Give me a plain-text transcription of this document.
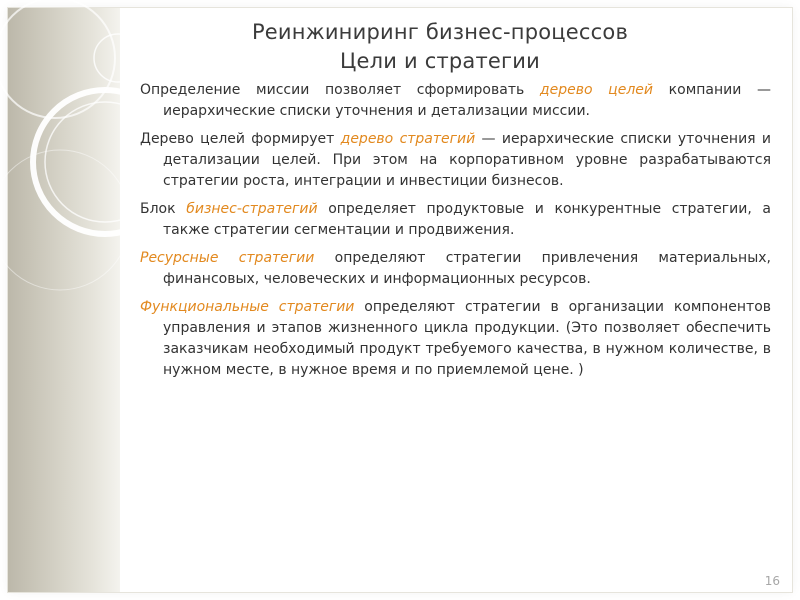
Реинжиниринг бизнес-процессов
Цели и стратегии

Определение миссии позволяет сформировать дерево целей компании — иерархические списки уточнения и детализации миссии.

Дерево целей формирует дерево стратегий — иерархические списки уточнения и детализации целей. При этом на корпоративном уровне разрабатываются стратегии роста, интеграции и инвестиции бизнесов.

Блок бизнес-стратегий определяет продуктовые и конкурентные стратегии, а также стратегии сегментации и продвижения.

Ресурсные стратегии определяют стратегии привлечения материальных, финансовых, человеческих и информационных ресурсов.

Функциональные стратегии определяют стратегии в организации компонентов управления и этапов жизненного цикла продукции. (Это позволяет обеспечить заказчикам необходимый продукт требуемого качества, в нужном количестве, в нужном месте, в нужное время и по приемлемой цене. )

16
